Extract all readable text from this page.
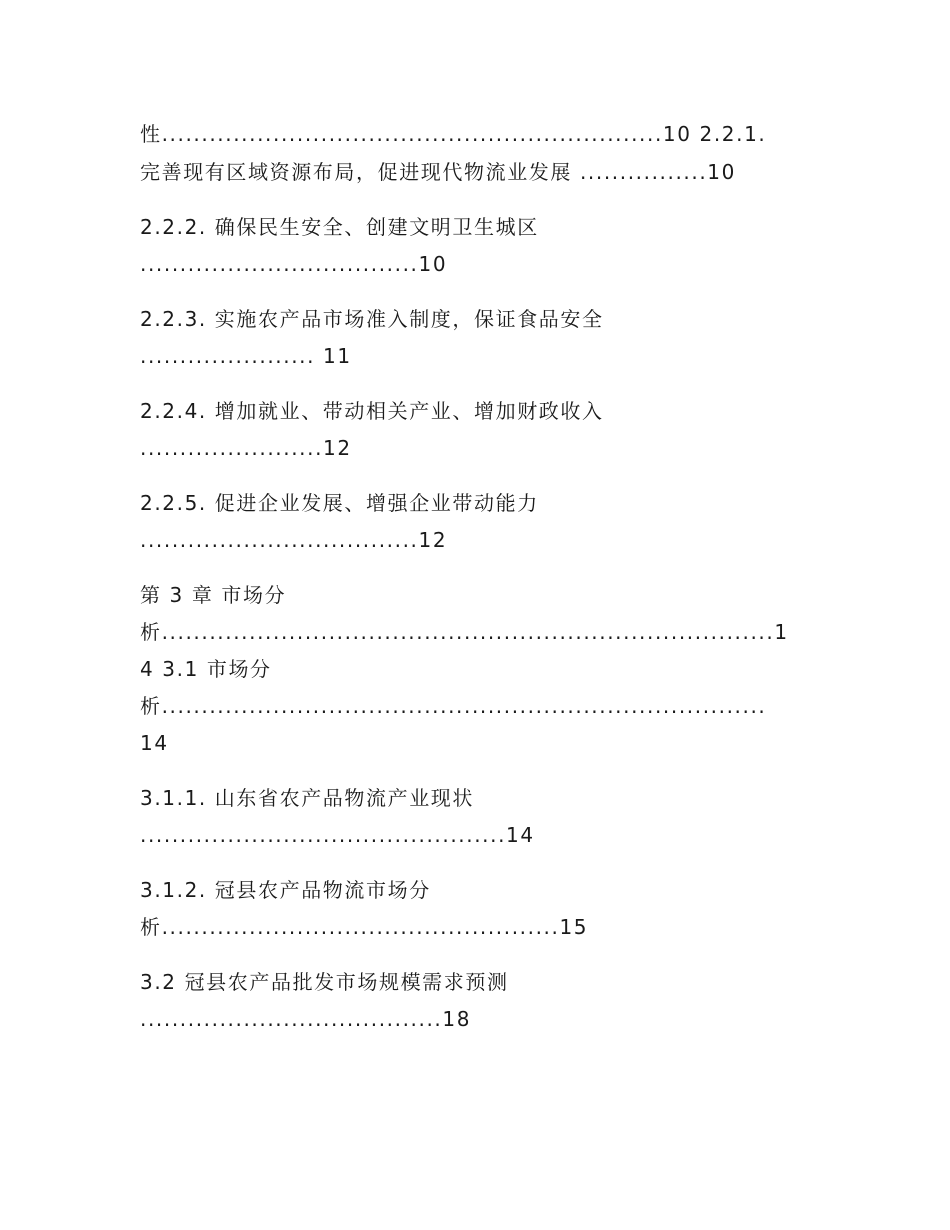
性...............................................................10 2.2.1.
完善现有区域资源布局，促进现代物流业发展 ................10
2.2.2. 确保民生安全、创建文明卫生城区
...................................10
2.2.3. 实施农产品市场准入制度，保证食品安全
...................... 11
2.2.4. 增加就业、带动相关产业、增加财政收入
.......................12
2.2.5. 促进企业发展、增强企业带动能力
...................................12
第 3 章 市场分
析.............................................................................1
4 3.1 市场分
析............................................................................
14
3.1.1. 山东省农产品物流产业现状
..............................................14
3.1.2. 冠县农产品物流市场分
析..................................................15
3.2 冠县农产品批发市场规模需求预测
......................................18
